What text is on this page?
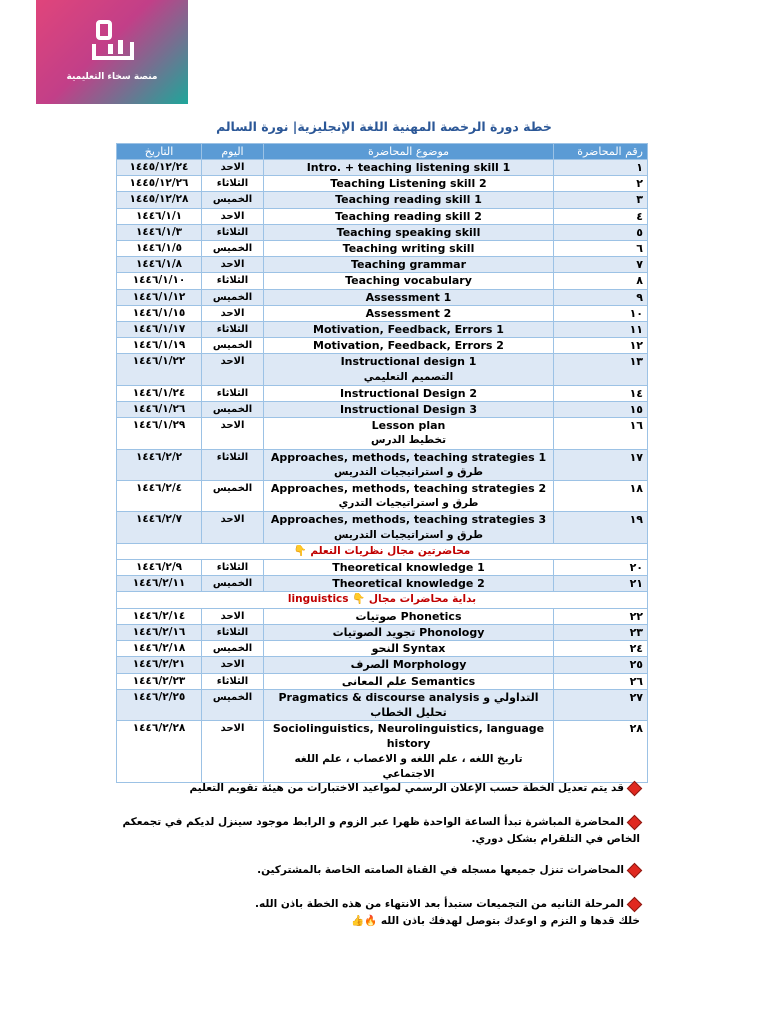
منصة سخاء التعليمية
خطة دورة الرخصة المهنية اللغة الإنجليزية| نورة السالم
التاريخ	اليوم	موضوع المحاضرة	رقم المحاضرة
١٤٤٥/١٢/٢٤	الاحد	Intro. + teaching listening skill 1	١
١٤٤٥/١٢/٢٦	الثلاثاء	Teaching Listening skill 2	٢
١٤٤٥/١٢/٢٨	الخميس	Teaching reading skill 1	٣
١٤٤٦/١/١	الاحد	Teaching reading skill 2	٤
١٤٤٦/١/٣	الثلاثاء	Teaching speaking skill	٥
١٤٤٦/١/٥	الخميس	Teaching writing skill	٦
١٤٤٦/١/٨	الاحد	Teaching grammar	٧
١٤٤٦/١/١٠	الثلاثاء	Teaching vocabulary	٨
١٤٤٦/١/١٢	الخميس	Assessment 1	٩
١٤٤٦/١/١٥	الاحد	Assessment 2	١٠
١٤٤٦/١/١٧	الثلاثاء	Motivation, Feedback, Errors 1	١١
١٤٤٦/١/١٩	الخميس	Motivation, Feedback, Errors 2	١٢
١٤٤٦/١/٢٢	الاحد	Instructional design 1
التصميم التعليمي	١٣
١٤٤٦/١/٢٤	الثلاثاء	Instructional Design 2	١٤
١٤٤٦/١/٢٦	الخميس	Instructional Design 3	١٥
١٤٤٦/١/٢٩	الاحد	Lesson plan
تخطيط الدرس	١٦
١٤٤٦/٢/٢	الثلاثاء	Approaches, methods, teaching strategies 1
طرق و استراتيجيات التدريس	١٧
١٤٤٦/٢/٤	الخميس	Approaches, methods, teaching strategies 2
طرق و استراتيجيات التدري	١٨
١٤٤٦/٢/٧	الاحد	Approaches, methods, teaching strategies 3
طرق و استراتيجيات التدريس	١٩
محاضرتين مجال نظريات التعلم 👇			
١٤٤٦/٢/٩	الثلاثاء	Theoretical knowledge 1	٢٠
١٤٤٦/٢/١١	الخميس	Theoretical knowledge 2	٢١
بداية محاضرات مجال 👇 linguistics			
١٤٤٦/٢/١٤	الاحد	صوتيات Phonetics	٢٢
١٤٤٦/٢/١٦	الثلاثاء	تجويد الصوتيات Phonology	٢٣
١٤٤٦/٢/١٨	الخميس	النحو Syntax	٢٤
١٤٤٦/٢/٢١	الاحد	الصرف Morphology	٢٥
١٤٤٦/٢/٢٣	الثلاثاء	علم المعانى Semantics	٢٦
١٤٤٦/٢/٢٥	الخميس	Pragmatics & discourse analysis التداولي و تحليل الخطاب	٢٧
١٤٤٦/٢/٢٨	الاحد	Sociolinguistics, Neurolinguistics, language history
تاريخ اللغه ، علم اللغه و الاعصاب ، علم اللغه الاجتماعي	٢٨
قد يتم تعديل الخطة حسب الإعلان الرسمي لمواعيد الاختبارات من هيئة تقويم التعليم
المحاضرة المباشرة تبدأ الساعة الواحدة ظهرا عبر الزوم و الرابط موجود سينزل لديكم في تجمعكم الخاص في التلقرام بشكل دوري.
المحاضرات تنزل جميعها مسجله في القناة الصامته الخاصة بالمشتركين.
المرحلة الثانيه من التجميعات ستبدأ بعد الانتهاء من هذه الخطة باذن الله.
خلك قدها و التزم و اوعدك بتوصل لهدفك باذن الله 🔥👍
